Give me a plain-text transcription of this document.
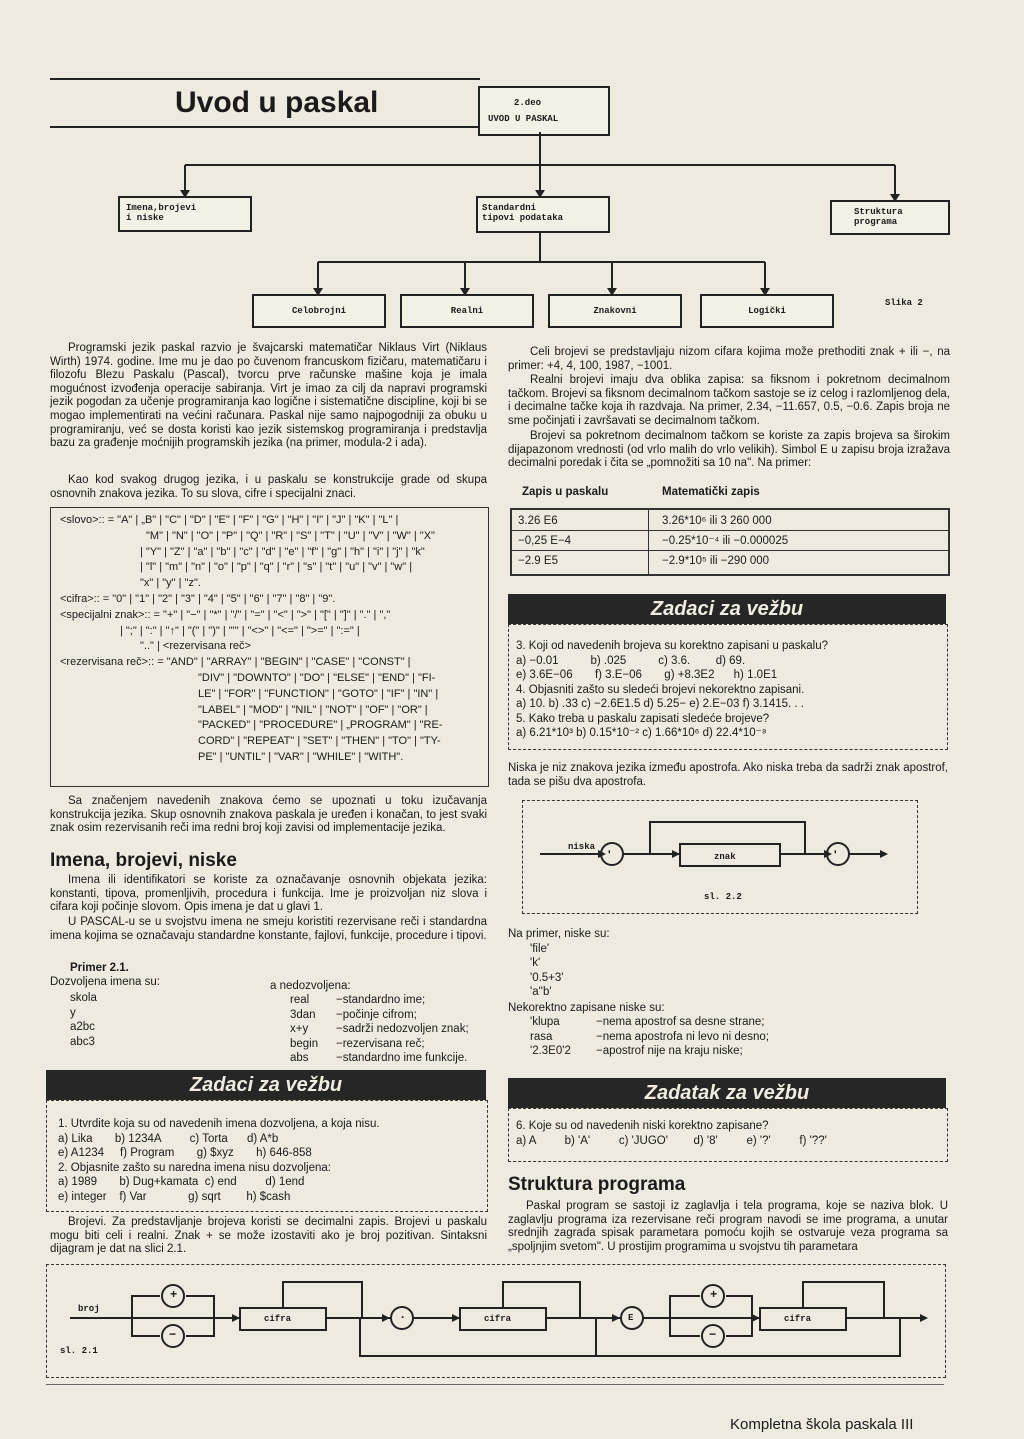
Uvod u paskal	2.deo
UVOD U PASKAL
Imena,brojevi
i niske
Standardni
tipovi podataka
Struktura
programa
Celobrojni	Realni	Znakovni	Logički
Slika 2
Programski jezik paskal razvio je švajcarski matematičar Niklaus Virt (Niklaus Wirth) 1974. godine. Ime mu je dao po čuvenom francuskom fizičaru, matematičaru i filozofu Blezu Paskalu (Pascal), tvorcu prve računske mašine koja je imala mogućnost izvođenja operacije sabiranja. Virt je imao za cilj da napravi programski jezik pogodan za učenje programiranja kao logične i sistematične discipline, koji bi se mogao implementirati na većini računara. Paskal nije samo najpogodniji za obuku u programiranju, već se dosta koristi kao jezik sistemskog programiranja i predstavlja bazu za građenje moćnijih programskih jezika (na primer, modula-2 i ada).
Kao kod svakog drugog jezika, i u paskalu se konstrukcije grade od skupa osnovnih znakova jezika. To su slova, cifre i specijalni znaci.
<slovo>:: = "A" | „B" | "C" | "D" | "E" | "F" | "G" | "H" | "I" | "J" | "K" | "L" |
"M" | "N" | "O" | "P" | "Q" | "R" | "S" | "T" | "U" | "V" | "W" | "X"
| "Y" | "Z" | "a" | "b" | "c" | "d" | "e" | "f" | "g" | "h" | "i" | "j" | "k"
| "l" | "m" | "n" | "o" | "p" | "q" | "r" | "s" | "t" | "u" | "v" | "w" |
"x" | "y" | "z".
<cifra>:: = "0" | "1" | "2" | "3" | "4" | "5" | "6" | "7" | "8" | "9".
<specijalni znak>:: = "+" | "−" | "*" | "/" | "=" | "<" | ">" | "[" | "]" | "." | ","
| ";" | ":" | "↑" | "(" | ")" | "'" | "<>" | "<=" | ">=" | ":=" |
".." | <rezervisana reč>
<rezervisana reč>:: = "AND" | "ARRAY" | "BEGIN" | "CASE" | "CONST" |
"DIV" | "DOWNTO" | "DO" | "ELSE" | "END" | "FI-
LE" | "FOR" | "FUNCTION" | "GOTO" | "IF" | "IN" |
"LABEL" | "MOD" | "NIL" | "NOT" | "OF" | "OR" |
"PACKED" | "PROCEDURE" | „PROGRAM" | "RE-
CORD" | "REPEAT" | "SET" | "THEN" | "TO" | "TY-
PE" | "UNTIL" | "VAR" | "WHILE" | "WITH".
Sa značenjem navedenih znakova ćemo se upoznati u toku izučavanja konstrukcija jezika. Skup osnovnih znakova paskala je uređen i konačan, to jest svaki znak osim rezervisanih reči ima redni broj koji zavisi od implementacije jezika.
Imena, brojevi, niske
Imena ili identifikatori se koriste za označavanje osnovnih objekata jezika: konstanti, tipova, promenljivih, procedura i funkcija. Ime je proizvoljan niz slova i cifara koji počinje slovom. Opis imena je dat u glavi 1.
U PASCAL-u se u svojstvu imena ne smeju koristiti rezervisane reči i standardna imena kojima se označavaju standardne konstante, fajlovi, funkcije, procedure i tipovi.
Primer 2.1.
Dozvoljena imena su:	a nedozvoljena:
skola
y
a2bc
abc3
real −standardno ime;
3dan −počinje cifrom;
x+y −sadrži nedozvoljen znak;
begin −rezervisana reč;
abs −standardno ime funkcije.
Zadaci za vežbu
1. Utvrdite koja su od navedenih imena dozvoljena, a koja nisu.
a) Lika       b) 1234A         c) Torta      d) A*b
e) A1234     f) Program       g) $xyz       h) 646-858
2. Objasnite zašto su naredna imena nisu dozvoljena:
a) 1989       b) Dug+kamata  c) end         d) 1end
e) integer    f) Var             g) sqrt        h) $cash
Brojevi. Za predstavljanje brojeva koristi se decimalni zapis. Brojevi u paskalu mogu biti celi i realni. Znak + se može izostaviti ako je broj pozitivan. Sintaksni dijagram je dat na slici 2.1.
Celi brojevi se predstavljaju nizom cifara kojima može prethoditi znak + ili −, na primer: +4, 4, 100, 1987, −1001.
Realni brojevi imaju dva oblika zapisa: sa fiksnom i pokretnom decimalnom tačkom. Brojevi sa fiksnom decimalnom tačkom sastoje se iz celog i razlomljenog dela, i decimalne tačke koja ih razdvaja. Na primer, 2.34, −11.657, 0.5, −0.6. Zapis broja ne sme počinjati i završavati se decimalnom tačkom.
Brojevi sa pokretnom decimalnom tačkom se koriste za zapis brojeva sa širokim dijapazonom vrednosti (od vrlo malih do vrlo velikih). Simbol E u zapisu broja izražava decimalni poredak i čita se „pomnožiti sa 10 na". Na primer:
Zapis u paskalu	Matematički zapis
3.26 E6	3.26*10⁶ ili 3 260 000
−0,25 E−4	−0.25*10⁻⁴ ili −0.000025
−2.9 E5	−2.9*10⁵ ili −290 000
Zadaci za vežbu
3. Koji od navedenih brojeva su korektno zapisani u paskalu?
a) −0.01          b) .025          c) 3.6.        d) 69.
e) 3.6E−06       f) 3.E−06       g) +8.3E2      h) 1.0E1
4. Objasniti zašto su sledeći brojevi nekorektno zapisani.
a) 10. b) .33 c) −2.6E1.5 d) 5.25− e) 2.E−03 f) 3.1415. . .
5. Kako treba u paskalu zapisati sledeće brojeve?
a) 6.21*10³ b) 0.15*10⁻² c) 1.66*10⁶ d) 22.4*10⁻⁸
Niska je niz znakova jezika između apostrofa. Ako niska treba da sadrži znak apostrof, tada se pišu dva apostrofa.
'	'
niska
znak
sl. 2.2
Na primer, niske su:
'file'
'k'
'0.5+3'
'a''b'
Nekorektno zapisane niske su:
'klupa	−nema apostrof sa desne strane;
rasa	−nema apostrofa ni levo ni desno;
'2.3E0'2 −apostrof nije na kraju niske;
Zadatak za vežbu
6. Koje su od navedenih niski korektno zapisane?
a) A         b) 'A'         c) 'JUGO'        d) '8'         e) '?'         f) '??'
Struktura programa
Paskal program se sastoji iz zaglavlja i tela programa, koje se naziva blok. U zaglavlju programa iza rezervisane reči program navodi se ime programa, a unutar srednjih zagrada spisak parametara pomoću kojih se ostvaruje veza programa sa „spoljnjim svetom". U prostijim programima u svojstvu tih parametara
broj
+
−
cifra	.	cifra	E
+
−
cifra
sl. 2.1
Kompletna škola paskala III
